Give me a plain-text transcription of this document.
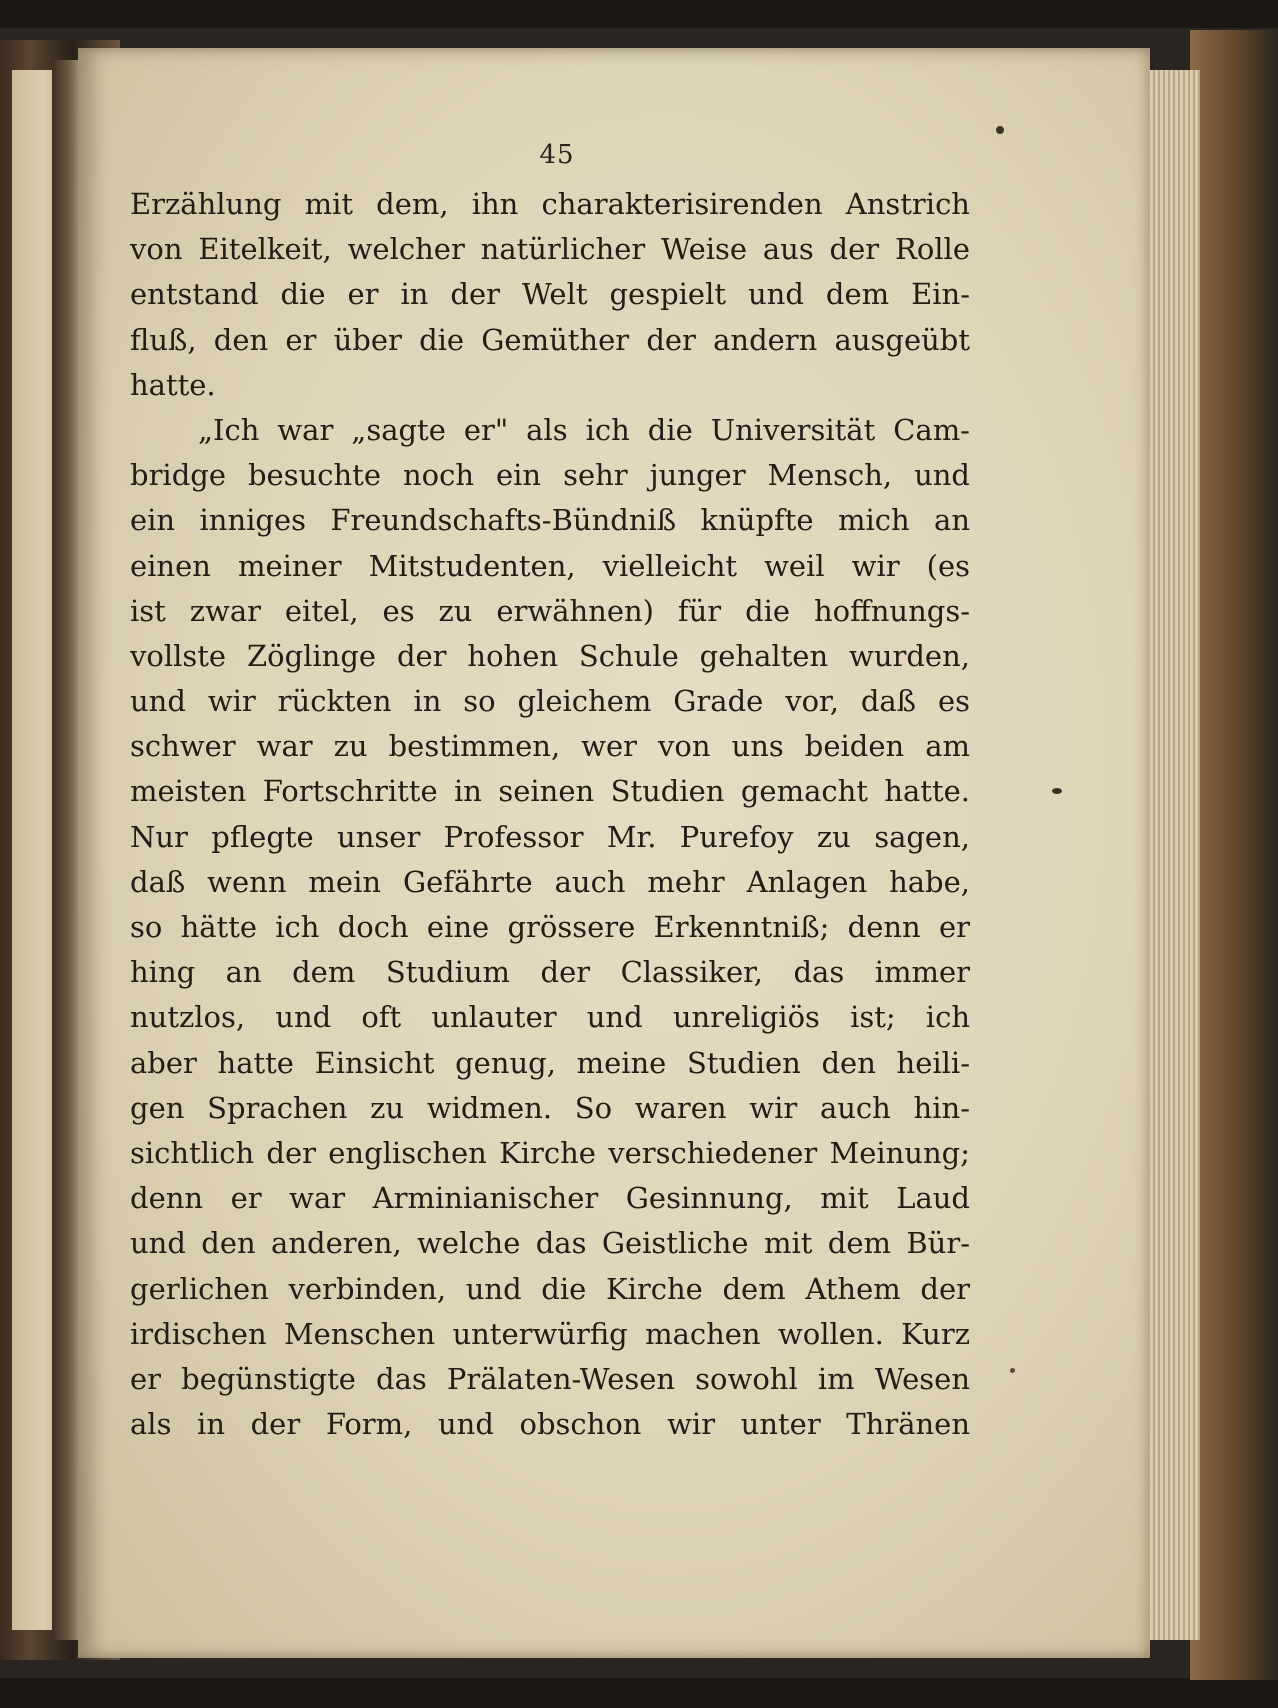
45
Erzählung mit dem, ihn charakterisirenden Anstrich
von Eitelkeit, welcher natürlicher Weise aus der Rolle
entstand die er in der Welt gespielt und dem Ein-
fluß, den er über die Gemüther der andern ausgeübt
hatte.
„Ich war „sagte er" als ich die Universität Cam-
bridge besuchte noch ein sehr junger Mensch, und
ein inniges Freundschafts-Bündniß knüpfte mich an
einen meiner Mitstudenten, vielleicht weil wir (es
ist zwar eitel, es zu erwähnen) für die hoffnungs-
vollste Zöglinge der hohen Schule gehalten wurden,
und wir rückten in so gleichem Grade vor, daß es
schwer war zu bestimmen, wer von uns beiden am
meisten Fortschritte in seinen Studien gemacht hatte.
Nur pflegte unser Professor Mr. Purefoy zu sagen,
daß wenn mein Gefährte auch mehr Anlagen habe,
so hätte ich doch eine grössere Erkenntniß; denn er
hing an dem Studium der Classiker, das immer
nutzlos, und oft unlauter und unreligiös ist; ich
aber hatte Einsicht genug, meine Studien den heili-
gen Sprachen zu widmen. So waren wir auch hin-
sichtlich der englischen Kirche verschiedener Meinung;
denn er war Arminianischer Gesinnung, mit Laud
und den anderen, welche das Geistliche mit dem Bür-
gerlichen verbinden, und die Kirche dem Athem der
irdischen Menschen unterwürfig machen wollen. Kurz
er begünstigte das Prälaten-Wesen sowohl im Wesen
als in der Form, und obschon wir unter Thränen
